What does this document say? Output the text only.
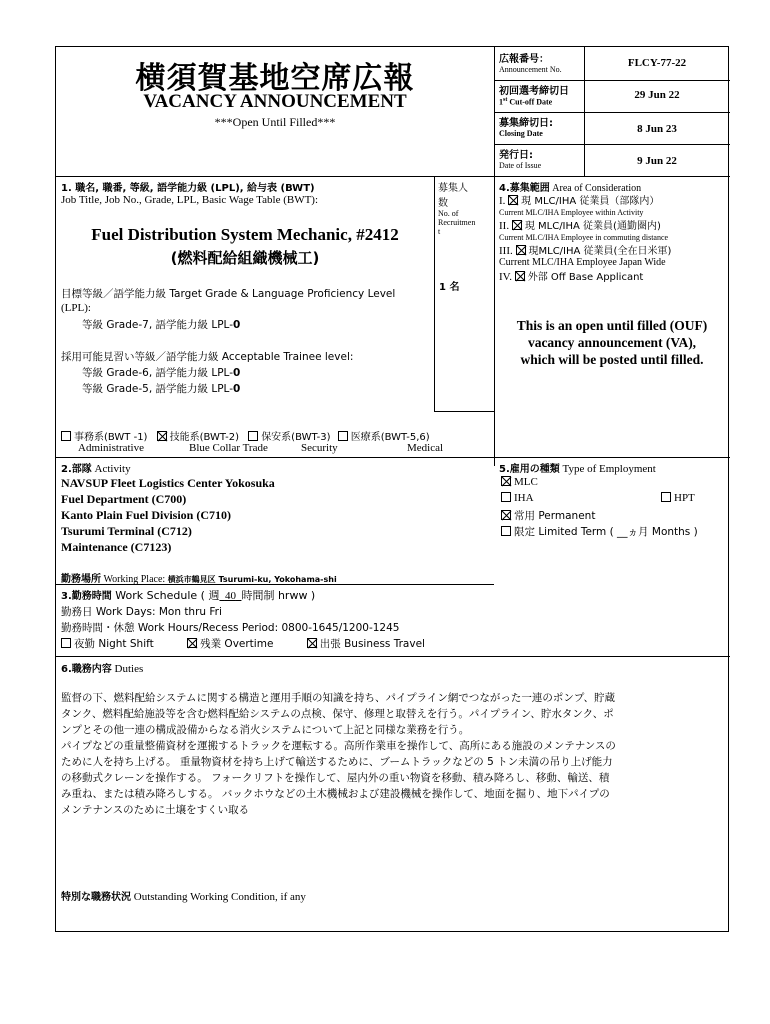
横須賀基地空席広報
VACANCY ANNOUNCEMENT
***Open Until Filled***
広報番号：
Announcement No.
FLCY-77-22
初回選考締切日
1st Cut-off Date
29 Jun 22
募集締切日:
Closing Date	8 Jun 23
発行日:
Date of Issue	9 Jun 22
1. 職名, 職番, 等級, 語学能力級 (LPL), 給与表 (BWT)
Job Title, Job No., Grade, LPL, Basic Wage Table (BWT):
Fuel Distribution System Mechanic, #2412
(燃料配給組織機械工)
目標等級／語学能力級 Target Grade & Language Proficiency Level
(LPL):
等級 Grade-7, 語学能力級 LPL-0
採用可能見習い等級／語学能力級 Acceptable Trainee level:
等級 Grade-6, 語学能力級 LPL-0
等級 Grade-5, 語学能力級 LPL-0
募集人
数
No. of
Recruitmen
t
1 名
事務系(BWT -1) 技能系(BWT-2) 保安系(BWT-3) 医療系(BWT-5,6)
Administrative	Blue Collar Trade	Security	Medical
4.募集範囲 Area of Consideration
I. 現 MLC/IHA 従業員（部隊内）
Current MLC/IHA Employee within Activity
II. 現 MLC/IHA 従業員(通勤圏内)
Current MLC/IHA Employee in commuting distance
III. 現MLC/IHA 従業員(全在日米軍)
Current MLC/IHA Employee Japan Wide
IV. 外部 Off Base Applicant
This is an open until filled (OUF)
vacancy announcement (VA),
which will be posted until filled.
2.部隊 Activity
NAVSUP Fleet Logistics Center Yokosuka
Fuel Department (C700)
Kanto Plain Fuel Division (C710)
Tsurumi Terminal (C712)
Maintenance (C7123)
勤務場所 Working Place: 横浜市鶴見区 Tsurumi-ku, Yokohama-shi
3.勤務時間 Work Schedule ( 週 40 時間制 hrww )
勤務日 Work Days: Mon thru Fri
勤務時間・休憩 Work Hours/Recess Period: 0800-1645/1200-1245
夜勤 Night Shift	残業 Overtime	出張 Business Travel
5.雇用の種類 Type of Employment
MLC
IHA	HPT
常用 Permanent
限定 Limited Term ( __ヵ月 Months )
6.職務内容 Duties
監督の下、燃料配給システムに関する構造と運用手順の知識を持ち、パイプライン網でつながった一連のポンプ、貯蔵
タンク、燃料配給施設等を含む燃料配給システムの点検、保守、修理と取替えを行う。パイプライン、貯水タンク、ポ
ンプとその他一連の構成設備からなる消火システムについて上記と同様な業務を行う。
パイプなどの重量整備資材を運搬するトラックを運転する。高所作業車を操作して、高所にある施設のメンテナンスの
ために人を持ち上げる。 重量物資材を持ち上げて輸送するために、ブームトラックなどの 5 トン未満の吊り上げ能力
の移動式クレーンを操作する。 フォークリフトを操作して、屋内外の重い物資を移動、積み降ろし、移動、輸送、積
み重ね、または積み降ろしする。 バックホウなどの土木機械および建設機械を操作して、地面を掘り、地下パイプの
メンテナンスのために土壌をすくい取る
特別な職務状況 Outstanding Working Condition, if any
